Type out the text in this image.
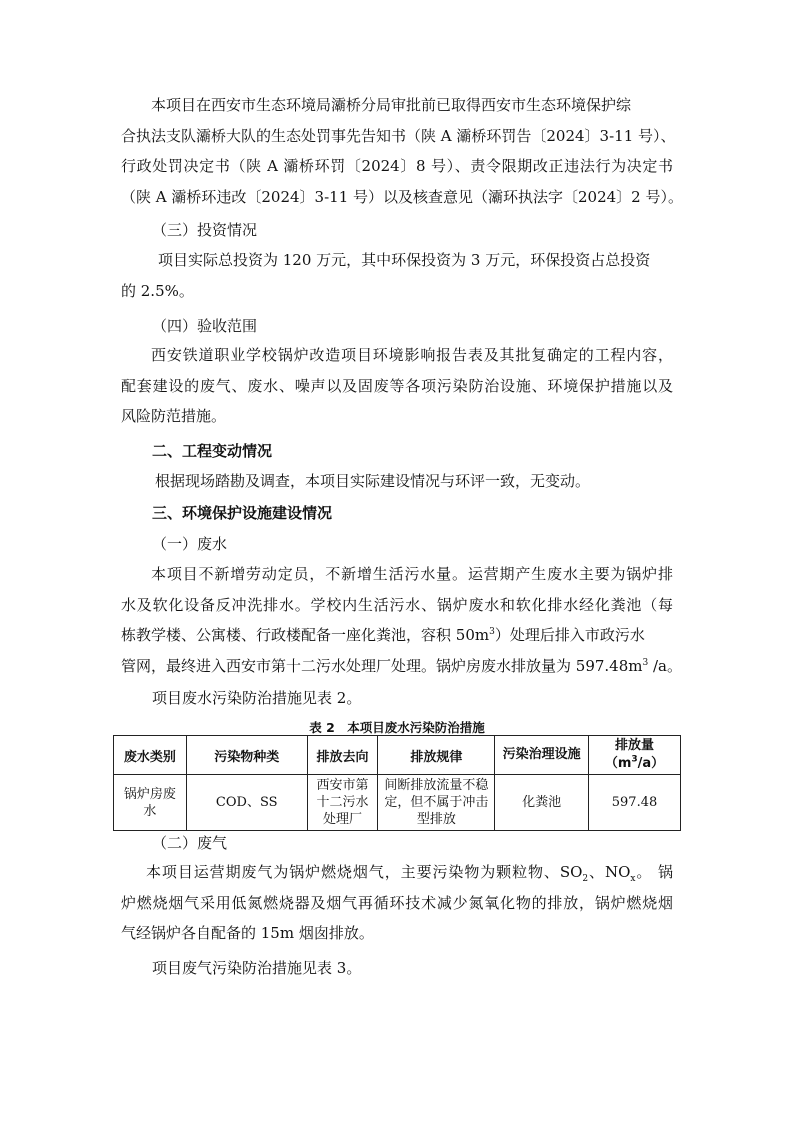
本项目在西安市生态环境局灞桥分局审批前已取得西安市生态环境保护综
合执法支队灞桥大队的生态处罚事先告知书（陕 A 灞桥环罚告〔2024〕3-11 号）、
行政处罚决定书（陕 A 灞桥环罚〔2024〕8 号）、责令限期改正违法行为决定书
（陕 A 灞桥环违改〔2024〕3-11 号）以及核查意见（灞环执法字〔2024〕2 号）。
（三）投资情况
项目实际总投资为 120 万元，其中环保投资为 3 万元，环保投资占总投资
的 2.5%。
（四）验收范围
西安铁道职业学校锅炉改造项目环境影响报告表及其批复确定的工程内容，
配套建设的废气、废水、噪声以及固废等各项污染防治设施、环境保护措施以及
风险防范措施。
二、工程变动情况
根据现场踏勘及调查，本项目实际建设情况与环评一致，无变动。
三、环境保护设施建设情况
（一）废水
本项目不新增劳动定员，不新增生活污水量。运营期产生废水主要为锅炉排
水及软化设备反冲洗排水。学校内生活污水、锅炉废水和软化排水经化粪池（每
栋教学楼、公寓楼、行政楼配备一座化粪池，容积 $50m^3$）处理后排入市政污水
管网，最终进入西安市第十二污水处理厂处理。锅炉房废水排放量为 $597.48m^3$ /a。
项目废水污染防治措施见表 2。
表 2　本项目废水污染防治措施
废水类别	污染物种类	排放去向	排放规律	污染治理设施	排放量
$(m^3/a)$
锅炉房废水	COD、SS	西安市第十二污水处理厂	间断排放流量不稳定，但不属于冲击型排放	化粪池	597.48
（二）废气
本项目运营期废气为锅炉燃烧烟气，主要污染物为颗粒物、$SO_2$、$NO_x$。 锅
炉燃烧烟气采用低氮燃烧器及烟气再循环技术减少氮氧化物的排放，锅炉燃烧烟
气经锅炉各自配备的 15m 烟囱排放。
项目废气污染防治措施见表 3。
